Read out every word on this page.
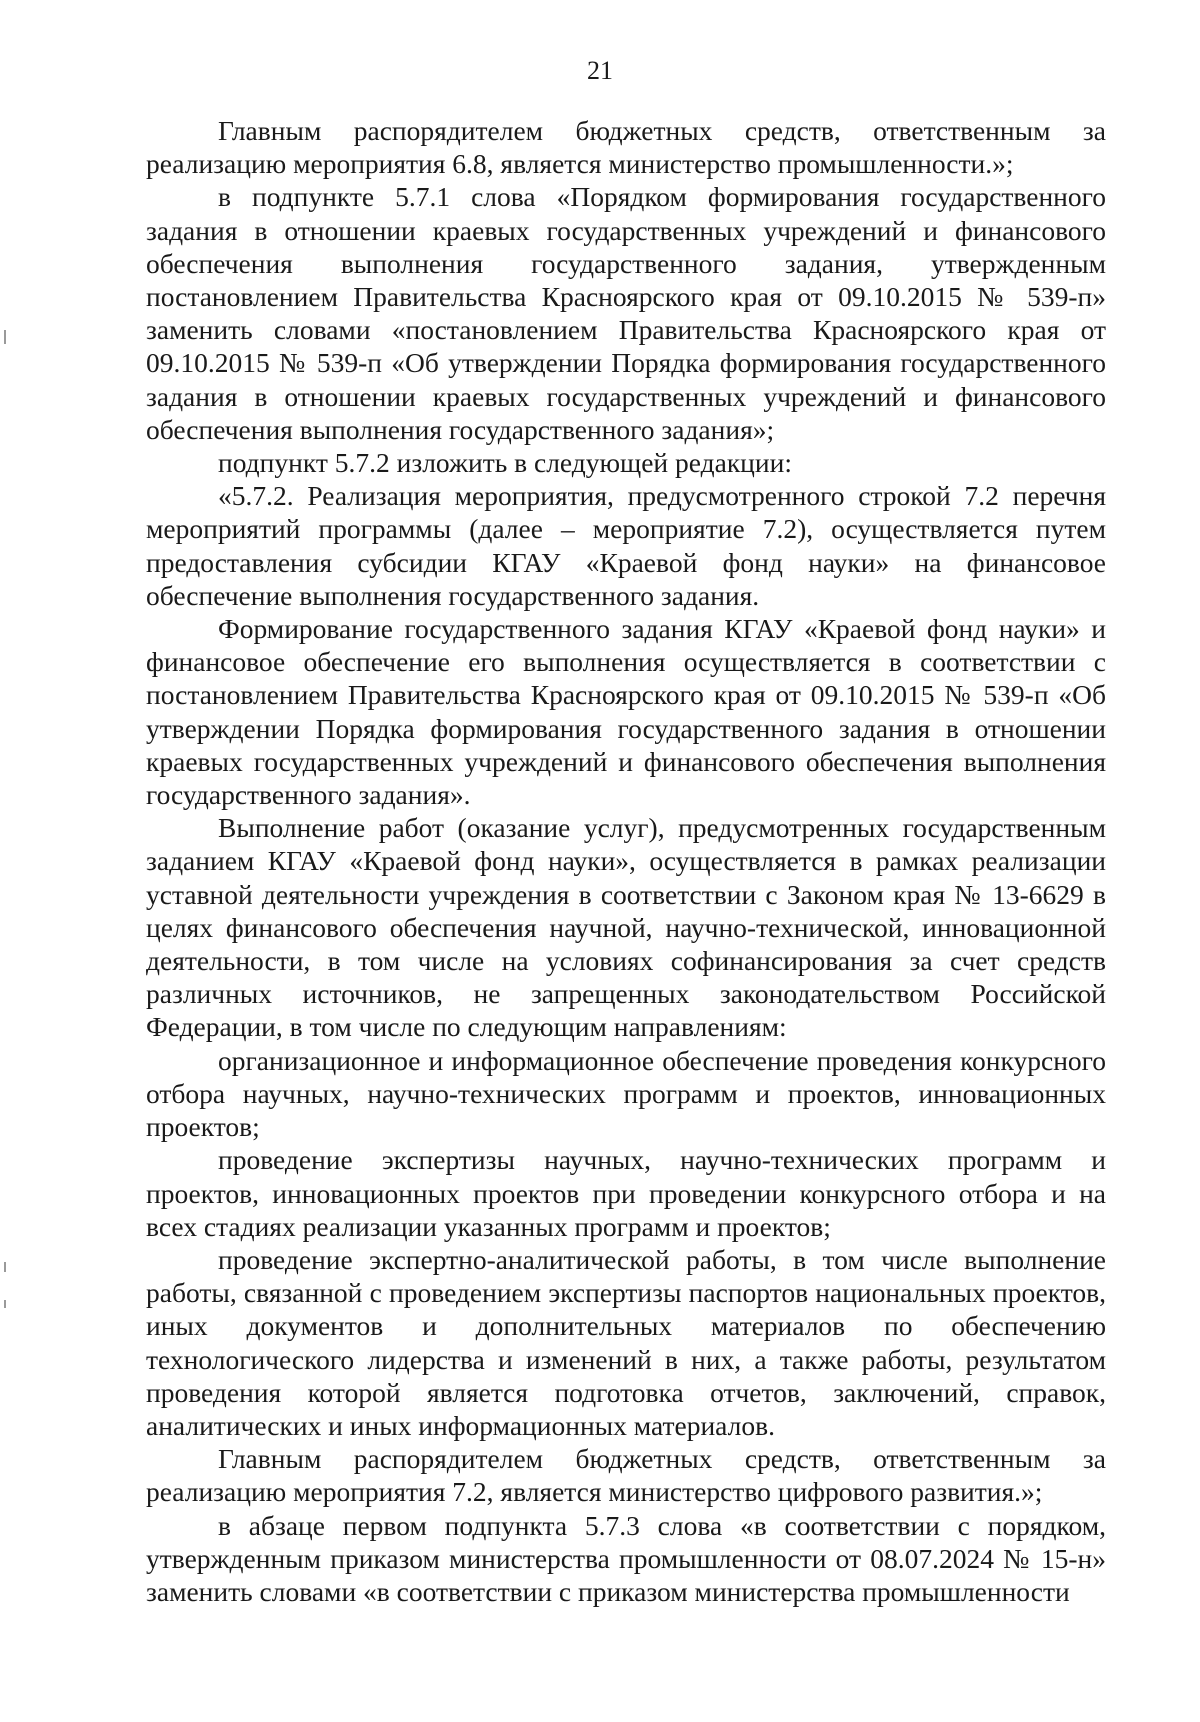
21

Главным распорядителем бюджетных средств, ответственным за реализацию мероприятия 6.8, является министерство промышленности.»;

в подпункте 5.7.1 слова «Порядком формирования государственного задания в отношении краевых государственных учреждений и финансового обеспечения выполнения государственного задания, утвержденным постановлением Правительства Красноярского края от 09.10.2015 № 539-п» заменить словами «постановлением Правительства Красноярского края от 09.10.2015 № 539-п «Об утверждении Порядка формирования государственного задания в отношении краевых государственных учреждений и финансового обеспечения выполнения государственного задания»;

подпункт 5.7.2 изложить в следующей редакции:

«5.7.2. Реализация мероприятия, предусмотренного строкой 7.2 перечня мероприятий программы (далее – мероприятие 7.2), осуществляется путем предоставления субсидии КГАУ «Краевой фонд науки» на финансовое обеспечение выполнения государственного задания.

Формирование государственного задания КГАУ «Краевой фонд науки» и финансовое обеспечение его выполнения осуществляется в соответствии с постановлением Правительства Красноярского края от 09.10.2015 № 539-п «Об утверждении Порядка формирования государственного задания в отношении краевых государственных учреждений и финансового обеспечения выполнения государственного задания».

Выполнение работ (оказание услуг), предусмотренных государственным заданием КГАУ «Краевой фонд науки», осуществляется в рамках реализации уставной деятельности учреждения в соответствии с Законом края № 13-6629 в целях финансового обеспечения научной, научно-технической, инновационной деятельности, в том числе на условиях софинансирования за счет средств различных источников, не запрещенных законодательством Российской Федерации, в том числе по следующим направлениям:

организационное и информационное обеспечение проведения конкурсного отбора научных, научно-технических программ и проектов, инновационных проектов;

проведение экспертизы научных, научно-технических программ и проектов, инновационных проектов при проведении конкурсного отбора и на всех стадиях реализации указанных программ и проектов;

проведение экспертно-аналитической работы, в том числе выполнение работы, связанной с проведением экспертизы паспортов национальных проектов, иных документов и дополнительных материалов по обеспечению технологического лидерства и изменений в них, а также работы, результатом проведения которой является подготовка отчетов, заключений, справок, аналитических и иных информационных материалов.

Главным распорядителем бюджетных средств, ответственным за реализацию мероприятия 7.2, является министерство цифрового развития.»;

в абзаце первом подпункта 5.7.3 слова «в соответствии с порядком, утвержденным приказом министерства промышленности от 08.07.2024 № 15-н» заменить словами «в соответствии с приказом министерства промышленности
